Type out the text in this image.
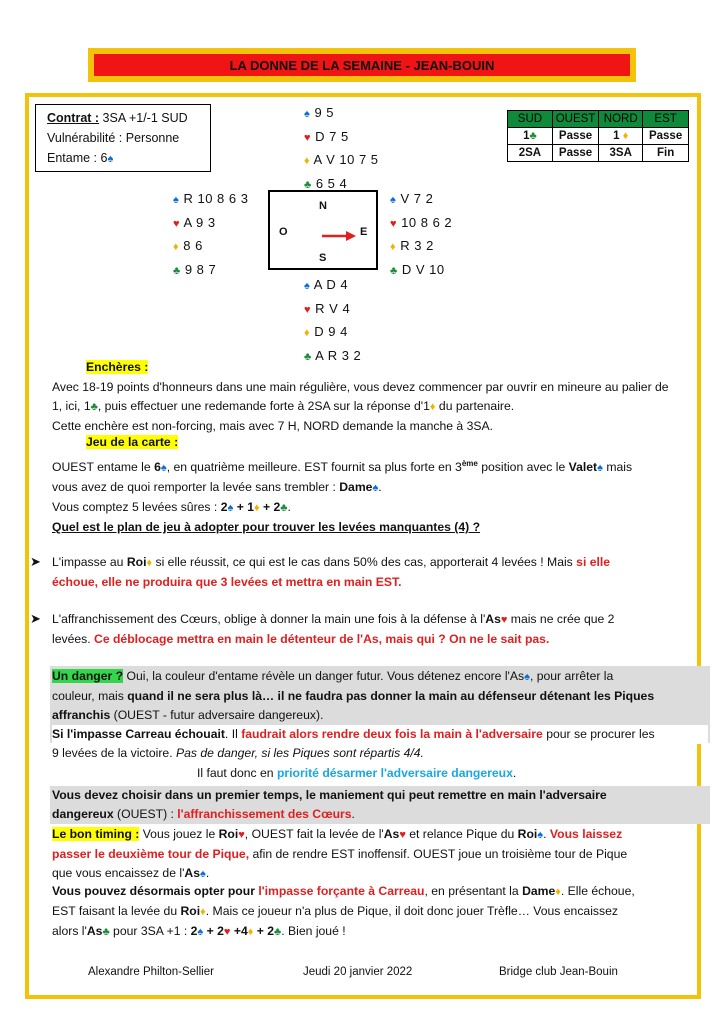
LA DONNE DE LA SEMAINE - JEAN-BOUIN
Contrat : 3SA +1/-1 SUD
Vulnérabilité : Personne
Entame : 6♠
♠ 9 5
♥ D 7 5
♦ A V 10 7 5
♣ 6 5 4
♠ R 10 8 6 3
♥ A 9 3
♦ 8 6
♣ 9 8 7
N
O	E
S
♠ V 7 2
♥ 10 8 6 2
♦ R 3 2
♣ D V 10
♠ A D 4
♥ R V 4
♦ D 9 4
♣ A R 3 2
SUD	OUEST	NORD	EST
1♣	Passe	1 ♦	Passe
2SA	Passe	3SA	Fin
Enchères :
Avec 18-19 points d'honneurs dans une main régulière, vous devez commencer par ouvrir en mineure au palier de
1, ici, 1♣, puis effectuer une redemande forte à 2SA sur la réponse d'1♦ du partenaire.
Cette enchère est non-forcing, mais avec 7 H, NORD demande la manche à 3SA.
Jeu de la carte :
OUEST entame le 6♠, en quatrième meilleure. EST fournit sa plus forte en 3ème position avec le Valet♠ mais
vous avez de quoi remporter la levée sans trembler : Dame♠.
Vous comptez 5 levées sûres : 2♠ + 1♦ + 2♣.
Quel est le plan de jeu à adopter pour trouver les levées manquantes (4) ?
➤ L'impasse au Roi♦ si elle réussit, ce qui est le cas dans 50% des cas, apporterait 4 levées ! Mais si elle
échoue, elle ne produira que 3 levées et mettra en main EST.
➤ L'affranchissement des Cœurs, oblige à donner la main une fois à la défense à l'As♥ mais ne crée que 2
levées. Ce déblocage mettra en main le détenteur de l'As, mais qui ? On ne le sait pas.
Un danger ? Oui, la couleur d'entame révèle un danger futur. Vous détenez encore l'As♠, pour arrêter la
couleur, mais quand il ne sera plus là… il ne faudra pas donner la main au défenseur détenant les Piques
affranchis (OUEST - futur adversaire dangereux).
Si l'impasse Carreau échouait. Il faudrait alors rendre deux fois la main à l'adversaire pour se procurer les
9 levées de la victoire. Pas de danger, si les Piques sont répartis 4/4.
Il faut donc en priorité désarmer l'adversaire dangereux.
Vous devez choisir dans un premier temps, le maniement qui peut remettre en main l'adversaire
dangereux (OUEST) : l'affranchissement des Cœurs.
Le bon timing : Vous jouez le Roi♥, OUEST fait la levée de l'As♥ et relance Pique du Roi♠. Vous laissez
passer le deuxième tour de Pique, afin de rendre EST inoffensif. OUEST joue un troisième tour de Pique
que vous encaissez de l'As♠.
Vous pouvez désormais opter pour l'impasse forçante à Carreau, en présentant la Dame♦. Elle échoue,
EST faisant la levée du Roi♦. Mais ce joueur n'a plus de Pique, il doit donc jouer Trèfle… Vous encaissez
alors l'As♣ pour 3SA +1 : 2♠ + 2♥ +4♦ + 2♣. Bien joué !
Alexandre Philton-Sellier	Jeudi 20 janvier 2022	Bridge club Jean-Bouin
